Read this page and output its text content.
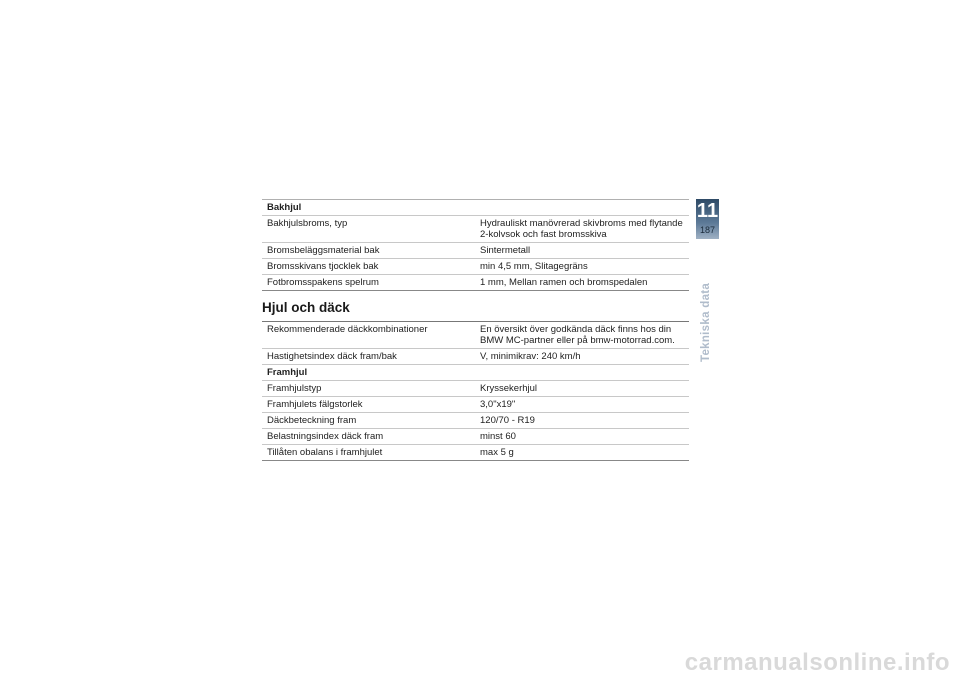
Bakhjul	
Bakhjulsbroms, typ	Hydrauliskt manövrerad skivbroms med flytande 2-kolvsok och fast bromsskiva
Bromsbeläggsmaterial bak	Sintermetall
Bromsskivans tjocklek bak	min 4,5 mm, Slitagegräns
Fotbromsspakens spelrum	1 mm, Mellan ramen och bromspedalen
Hjul och däck
Rekommenderade däckkombinationer	En översikt över godkända däck finns hos din BMW MC-partner eller på bmw-motorrad.com.
Hastighetsindex däck fram/bak	V, minimikrav: 240 km/h
Framhjul	
Framhjulstyp	Kryssekerhjul
Framhjulets fälgstorlek	3,0"x19"
Däckbeteckning fram	120/70 - R19
Belastningsindex däck fram	minst 60
Tillåten obalans i framhjulet	max 5 g
11
187
Tekniska data
carmanualsonline.info
